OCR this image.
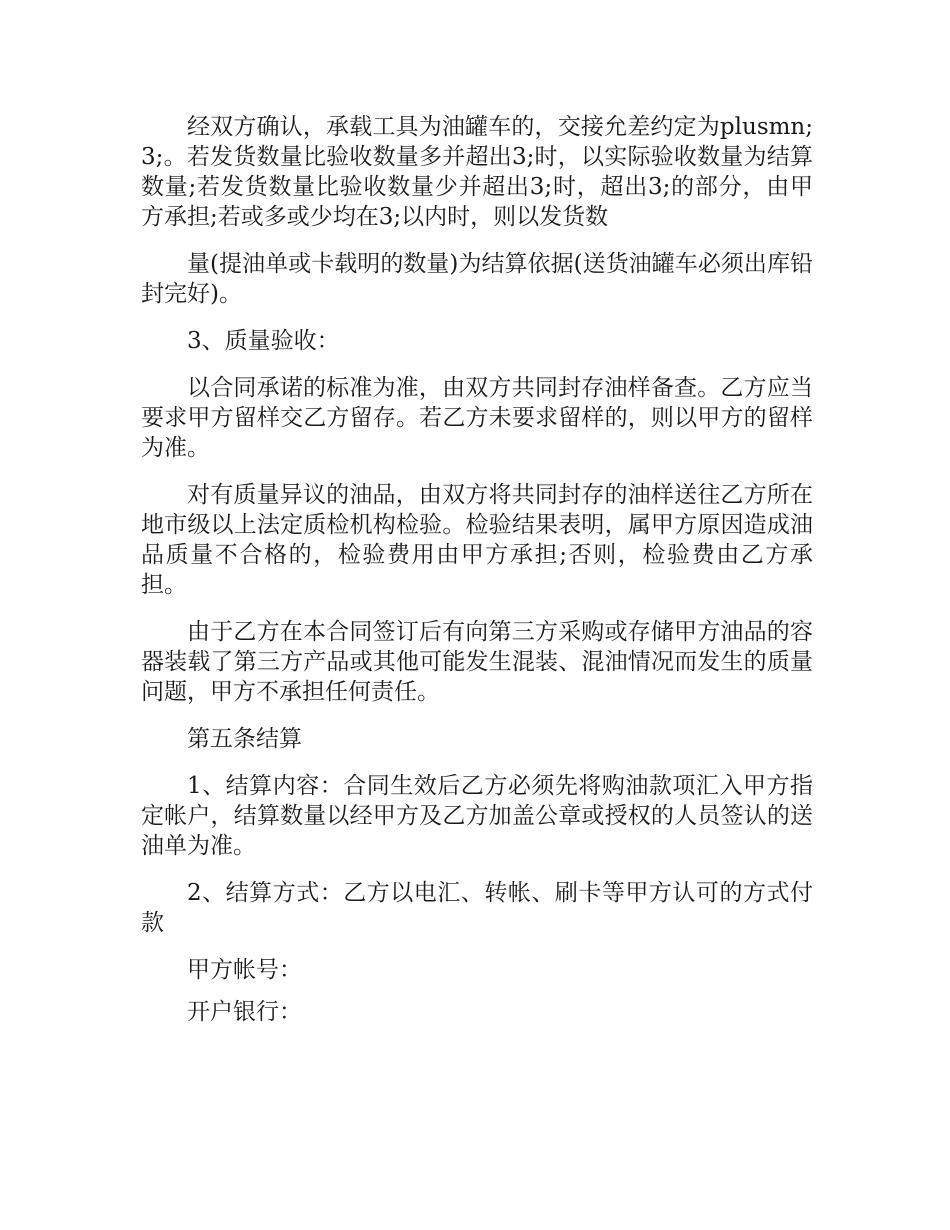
经双方确认，承载工具为油罐车的，交接允差约定为plusmn;3;。若发货数量比验收数量多并超出3;时，以实际验收数量为结算数量;若发货数量比验收数量少并超出3;时，超出3;的部分，由甲方承担;若或多或少均在3;以内时，则以发货数

量(提油单或卡载明的数量)为结算依据(送货油罐车必须出库铅封完好)。

3、质量验收：

以合同承诺的标准为准，由双方共同封存油样备查。乙方应当要求甲方留样交乙方留存。若乙方未要求留样的，则以甲方的留样为准。

对有质量异议的油品，由双方将共同封存的油样送往乙方所在地市级以上法定质检机构检验。检验结果表明，属甲方原因造成油品质量不合格的，检验费用由甲方承担;否则，检验费由乙方承担。

由于乙方在本合同签订后有向第三方采购或存储甲方油品的容器装载了第三方产品或其他可能发生混装、混油情况而发生的质量问题，甲方不承担任何责任。

第五条结算

1、结算内容：合同生效后乙方必须先将购油款项汇入甲方指定帐户，结算数量以经甲方及乙方加盖公章或授权的人员签认的送油单为准。

2、结算方式：乙方以电汇、转帐、刷卡等甲方认可的方式付款

甲方帐号：

开户银行：
